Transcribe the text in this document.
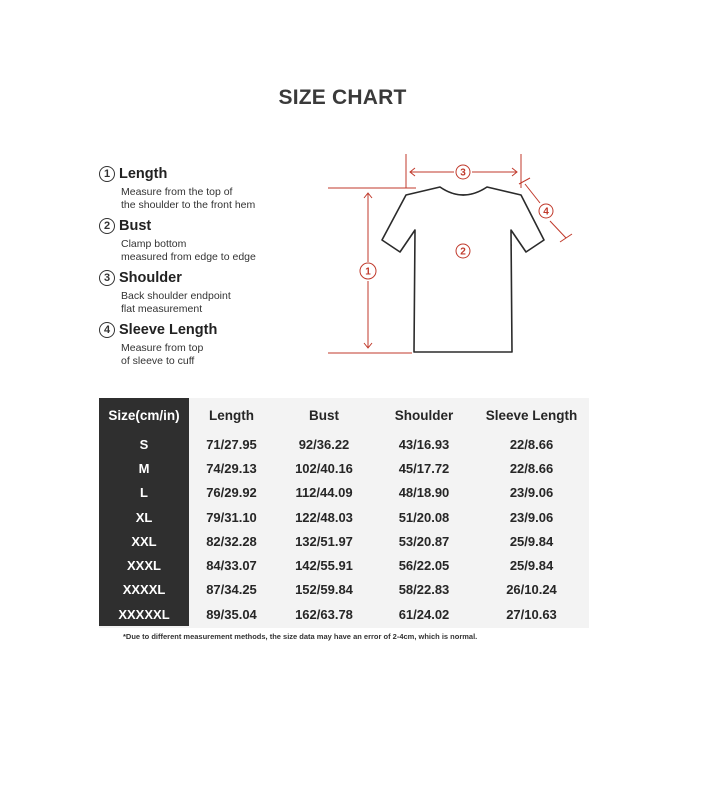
SIZE CHART
1 Length
Measure from the top of
the shoulder to the front hem
2 Bust
Clamp bottom
measured from edge to edge
3 Shoulder
Back shoulder endpoint
flat measurement
4 Sleeve Length
Measure from top
of sleeve to cuff
3
2
1
4
Size(cm/in)	Length	Bust	Shoulder	Sleeve Length
S	71/27.95	92/36.22	43/16.93	22/8.66
M	74/29.13	102/40.16	45/17.72	22/8.66
L	76/29.92	112/44.09	48/18.90	23/9.06
XL	79/31.10	122/48.03	51/20.08	23/9.06
XXL	82/32.28	132/51.97	53/20.87	25/9.84
XXXL	84/33.07	142/55.91	56/22.05	25/9.84
XXXXL	87/34.25	152/59.84	58/22.83	26/10.24
XXXXXL	89/35.04	162/63.78	61/24.02	27/10.63
*Due to different measurement methods, the size data may have an error of 2-4cm, which is normal.
